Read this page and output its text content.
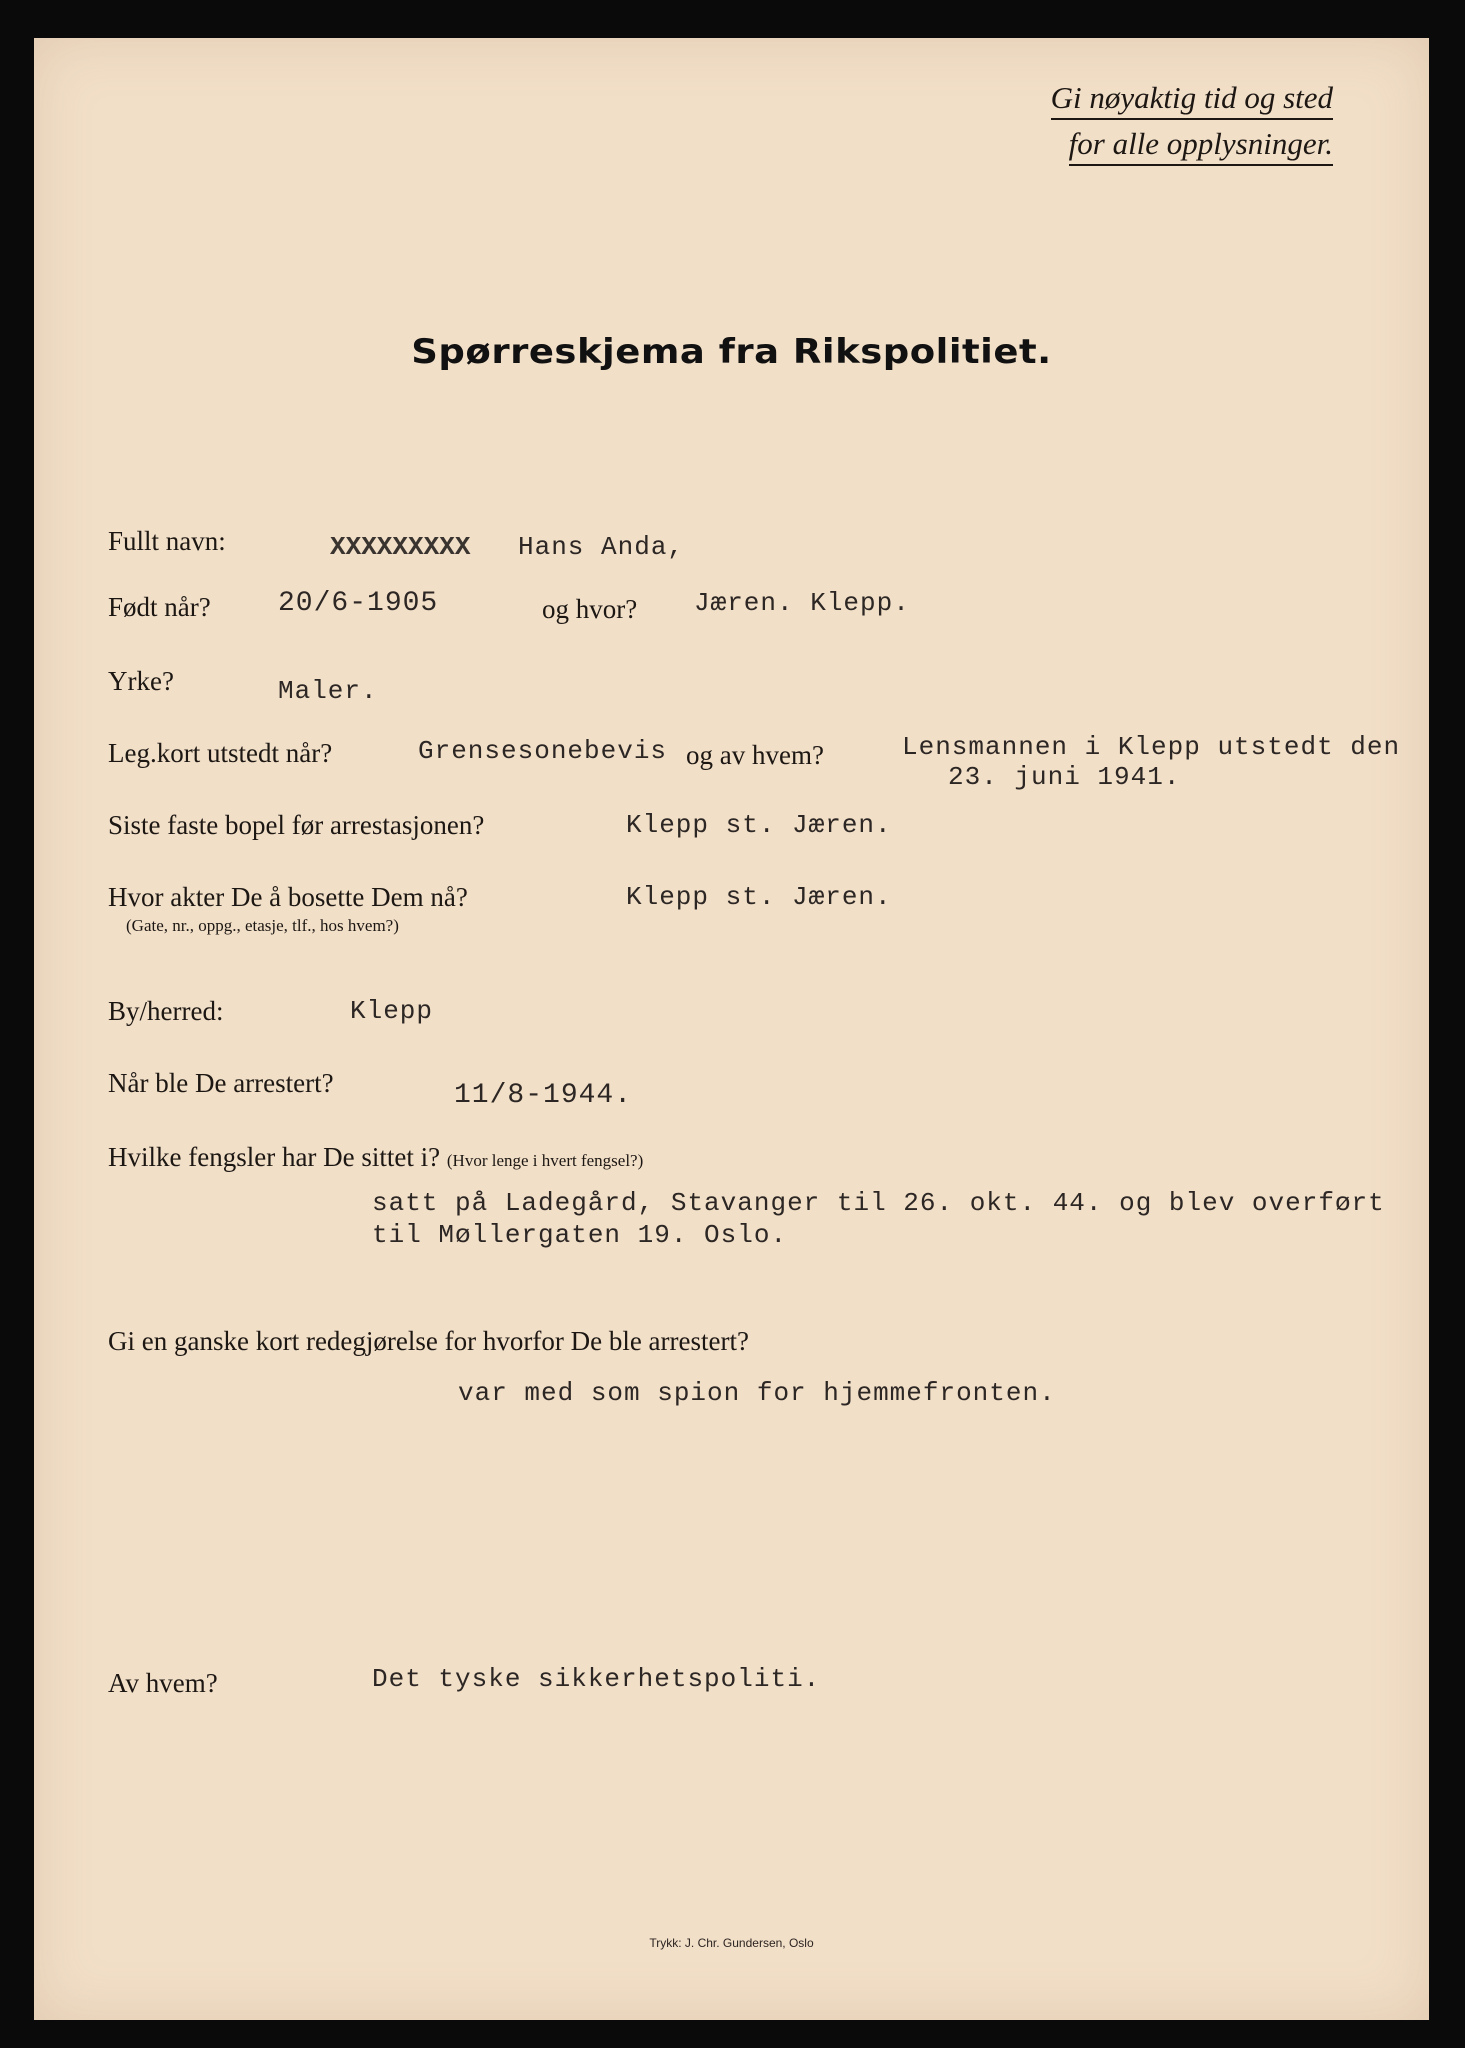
Gi nøyaktig tid og sted
for alle opplysninger.
Spørreskjema fra Rikspolitiet.
Fullt navn:	XXXXXXXXX Hans Anda,
Født når? 20/6-1905	og hvor? Jæren. Klepp.
Yrke?	Maler.
Leg.kort utstedt når?	Grensesonebevis og av hvem?	Lensmannen i Klepp utstedt den
23. juni 1941.
Siste faste bopel før arrestasjonen?	Klepp st. Jæren.
Hvor akter De å bosette Dem nå?
(Gate, nr., oppg., etasje, tlf., hos hvem?)
Klepp st. Jæren.
By/herred:	Klepp
Når ble De arrestert?	11/8-1944.
Hvilke fengsler har De sittet i? (Hvor lenge i hvert fengsel?)
satt på Ladegård, Stavanger til 26. okt. 44. og blev overført
til Møllergaten 19. Oslo.
Gi en ganske kort redegjørelse for hvorfor De ble arrestert?
var med som spion for hjemmefronten.
Av hvem?	Det tyske sikkerhetspoliti.
Trykk: J. Chr. Gundersen, Oslo
